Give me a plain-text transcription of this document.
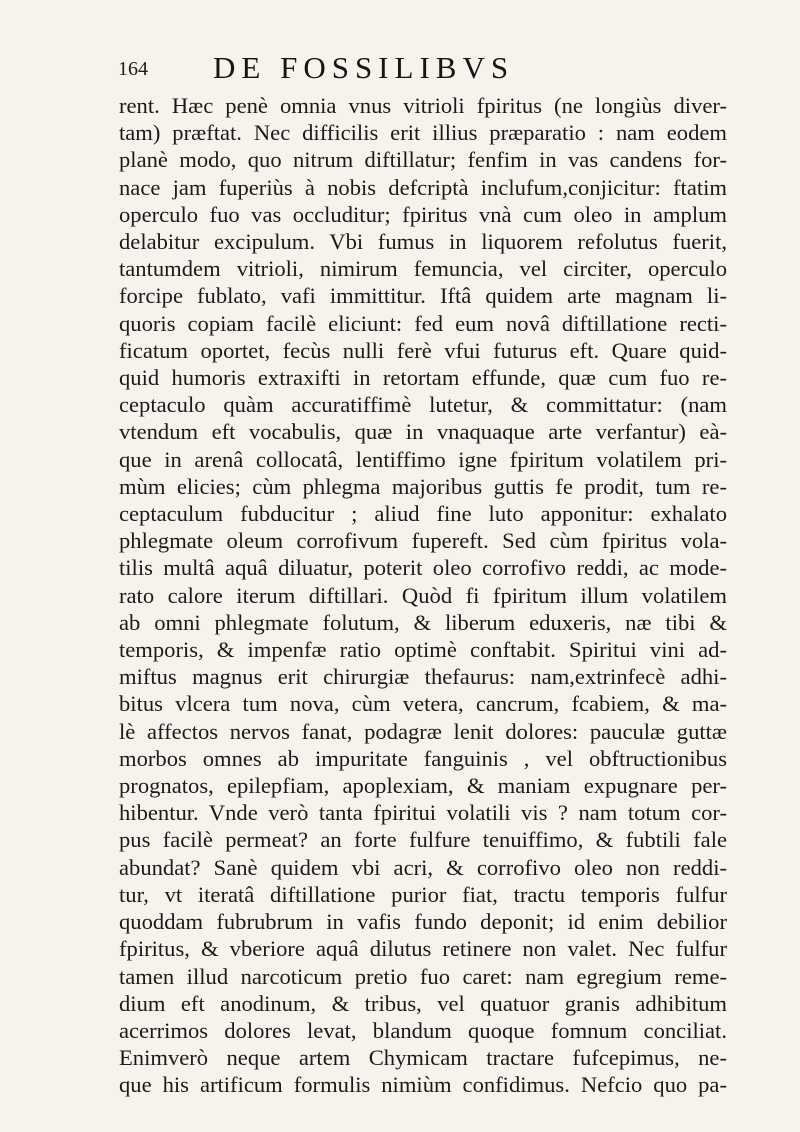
164 DE FOSSILIBVS
rent. Hæc penè omnia vnus vitrioli fpiritus (ne longiùs diver-
tam) præftat. Nec difficilis erit illius præparatio : nam eodem
planè modo, quo nitrum diftillatur; fenfim in vas candens for-
nace jam fuperiùs à nobis defcriptà inclufum,conjicitur: ftatim
operculo fuo vas occluditur; fpiritus vnà cum oleo in amplum
delabitur excipulum. Vbi fumus in liquorem refolutus fuerit,
tantumdem vitrioli, nimirum femuncia, vel circiter, operculo
forcipe fublato, vafi immittitur. Iftâ quidem arte magnam li-
quoris copiam facilè eliciunt: fed eum novâ diftillatione recti-
ficatum oportet, fecùs nulli ferè vfui futurus eft. Quare quid-
quid humoris extraxifti in retortam effunde, quæ cum fuo re-
ceptaculo quàm accuratiffimè lutetur, & committatur: (nam
vtendum eft vocabulis, quæ in vnaquaque arte verfantur) eà-
que in arenâ collocatâ, lentiffimo igne fpiritum volatilem pri-
mùm elicies; cùm phlegma majoribus guttis fe prodit, tum re-
ceptaculum fubducitur ; aliud fine luto apponitur: exhalato
phlegmate oleum corrofivum fupereft. Sed cùm fpiritus vola-
tilis multâ aquâ diluatur, poterit oleo corrofivo reddi, ac mode-
rato calore iterum diftillari. Quòd fi fpiritum illum volatilem
ab omni phlegmate folutum, & liberum eduxeris, næ tibi &
temporis, & impenfæ ratio optimè conftabit. Spiritui vini ad-
miftus magnus erit chirurgiæ thefaurus: nam,extrinfecè adhi-
bitus vlcera tum nova, cùm vetera, cancrum, fcabiem, & ma-
lè affectos nervos fanat, podagræ lenit dolores: pauculæ guttæ
morbos omnes ab impuritate fanguinis , vel obftructionibus
prognatos, epilepfiam, apoplexiam, & maniam expugnare per-
hibentur. Vnde verò tanta fpiritui volatili vis ? nam totum cor-
pus facilè permeat? an forte fulfure tenuiffimo, & fubtili fale
abundat? Sanè quidem vbi acri, & corrofivo oleo non reddi-
tur, vt iteratâ diftillatione purior fiat, tractu temporis fulfur
quoddam fubrubrum in vafis fundo deponit; id enim debilior
fpiritus, & vberiore aquâ dilutus retinere non valet. Nec fulfur
tamen illud narcoticum pretio fuo caret: nam egregium reme-
dium eft anodinum, & tribus, vel quatuor granis adhibitum
acerrimos dolores levat, blandum quoque fomnum conciliat.
Enimverò neque artem Chymicam tractare fufcepimus, ne-
que his artificum formulis nimiùm confidimus. Nefcio quo pa-
